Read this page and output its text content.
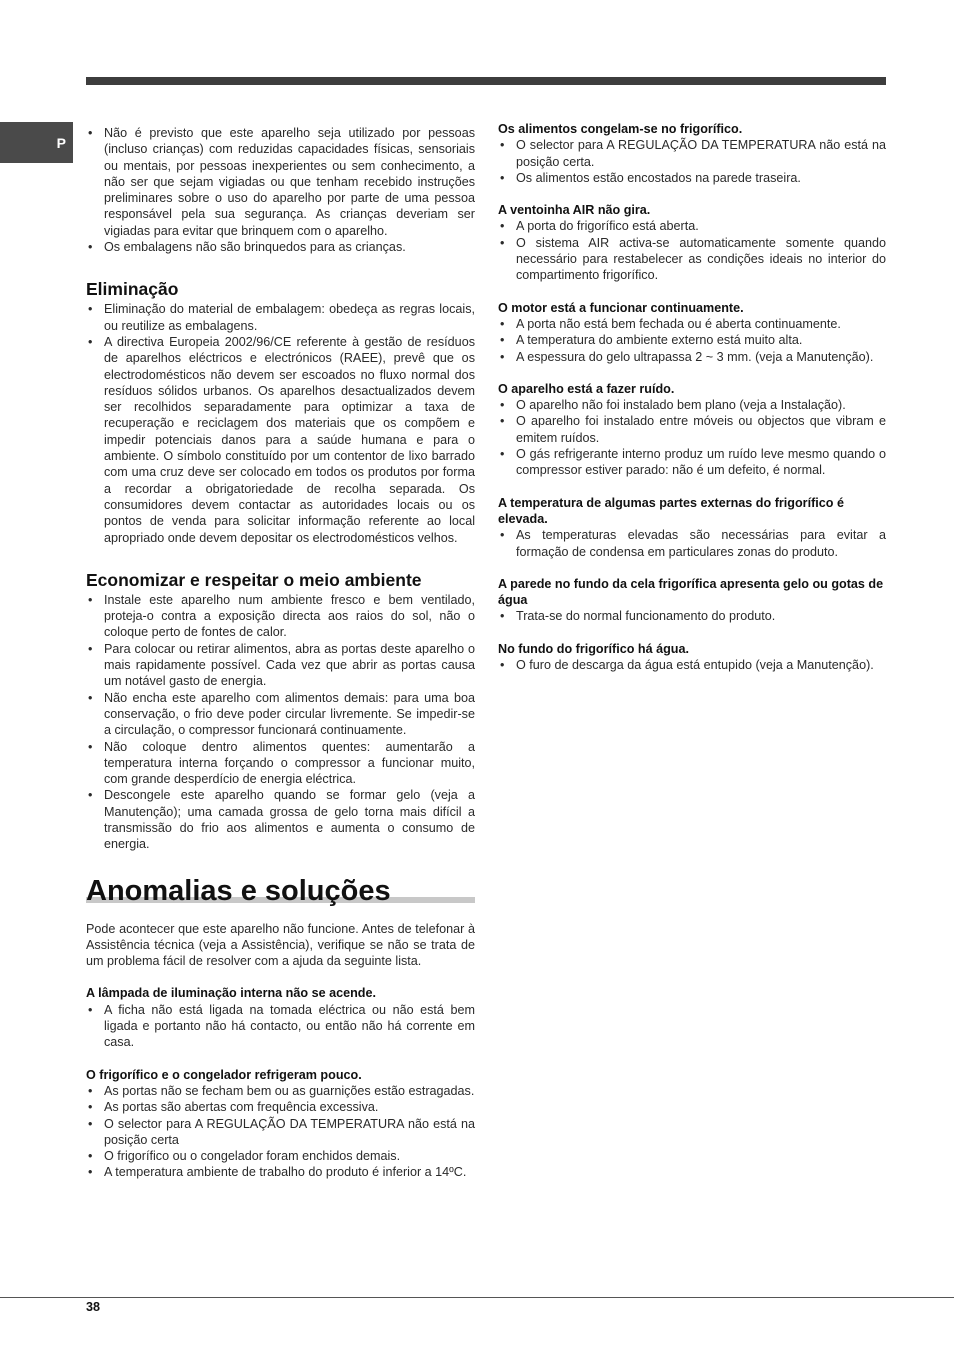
P
• Não é previsto que este aparelho seja utilizado por pessoas (incluso crianças) com reduzidas capacidades físicas, sensoriais ou mentais, por pessoas inexperientes ou sem conhecimento, a não ser que sejam vigiadas ou que tenham recebido instruções preliminares sobre o uso do aparelho por parte de uma pessoa responsável pela sua segurança. As crianças deveriam ser vigiadas para evitar que brinquem com o aparelho.
• Os embalagens não são brinquedos para as crianças.
Eliminação
• Eliminação do material de embalagem: obedeça as regras locais, ou reutilize as embalagens.
• A directiva Europeia 2002/96/CE referente à gestão de resíduos de aparelhos eléctricos e electrónicos (RAEE), prevê que os electrodomésticos não devem ser escoados no fluxo normal dos resíduos sólidos urbanos. Os aparelhos desactualizados devem ser recolhidos separadamente para optimizar a taxa de recuperação e reciclagem dos materiais que os compõem e impedir potenciais danos para a saúde humana e para o ambiente. O símbolo constituído por um contentor de lixo barrado com uma cruz deve ser colocado em todos os produtos por forma a recordar a obrigatoriedade de recolha separada. Os consumidores devem contactar as autoridades locais ou os pontos de venda para solicitar informação referente ao local apropriado onde devem depositar os electrodomésticos velhos.
Economizar e respeitar o meio ambiente
• Instale este aparelho num ambiente fresco e bem ventilado, proteja-o contra a exposição directa aos raios do sol, não o coloque perto de fontes de calor.
• Para colocar ou retirar alimentos, abra as portas deste aparelho o mais rapidamente possível. Cada vez que abrir as portas causa um notável gasto de energia.
• Não encha este aparelho com alimentos demais: para uma boa conservação, o frio deve poder circular livremente. Se impedir-se a circulação, o compressor funcionará continuamente.
• Não coloque dentro alimentos quentes: aumentarão a temperatura interna forçando o compressor a funcionar muito, com grande desperdício de energia eléctrica.
• Descongele este aparelho quando se formar gelo (veja a Manutenção); uma camada grossa de gelo torna mais difícil a transmissão do frio aos alimentos e aumenta o consumo de energia.
Anomalias e soluções
Pode acontecer que este aparelho não funcione. Antes de telefonar à Assistência técnica (veja a Assistência), verifique se não se trata de um problema fácil de resolver com a ajuda da seguinte lista.
A lâmpada de iluminação interna não se acende.
• A ficha não está ligada na tomada eléctrica ou não está bem ligada e portanto não há contacto, ou então não há corrente em casa.
O frigorífico e o congelador refrigeram pouco.
• As portas não se fecham bem ou as guarnições estão estragadas.
• As portas são abertas com frequência excessiva.
• O selector para A REGULAÇÃO DA TEMPERATURA não está na posição certa
• O frigorífico ou o congelador foram enchidos demais.
• A temperatura ambiente de trabalho do produto é inferior a 14ºC.
Os alimentos congelam-se no frigorífico.
• O selector para A REGULAÇÃO DA TEMPERATURA não está na posição certa.
• Os alimentos estão encostados na parede traseira.
A ventoinha AIR não gira.
• A porta do frigorífico está aberta.
• O sistema AIR activa-se automaticamente somente quando necessário para restabelecer as condições ideais no interior do compartimento frigorífico.
O motor está a funcionar continuamente.
• A porta não está bem fechada ou é aberta continuamente.
• A temperatura do ambiente externo está muito alta.
• A espessura do gelo ultrapassa 2 ~ 3 mm. (veja a Manutenção).
O aparelho está a fazer ruído.
• O aparelho não foi instalado bem plano (veja a Instalação).
• O aparelho foi instalado entre móveis ou objectos que vibram e emitem ruídos.
• O gás refrigerante interno produz um ruído leve mesmo quando o compressor estiver parado: não é um defeito, é normal.
A temperatura de algumas partes externas do frigorífico é elevada.
• As temperaturas elevadas são necessárias para evitar a formação de condensa em particulares zonas do produto.
A parede no fundo da cela frigorífica apresenta gelo ou gotas de água
• Trata-se do normal funcionamento do produto.
No fundo do frigorífico há água.
• O furo de descarga da água está entupido (veja a Manutenção).
38
